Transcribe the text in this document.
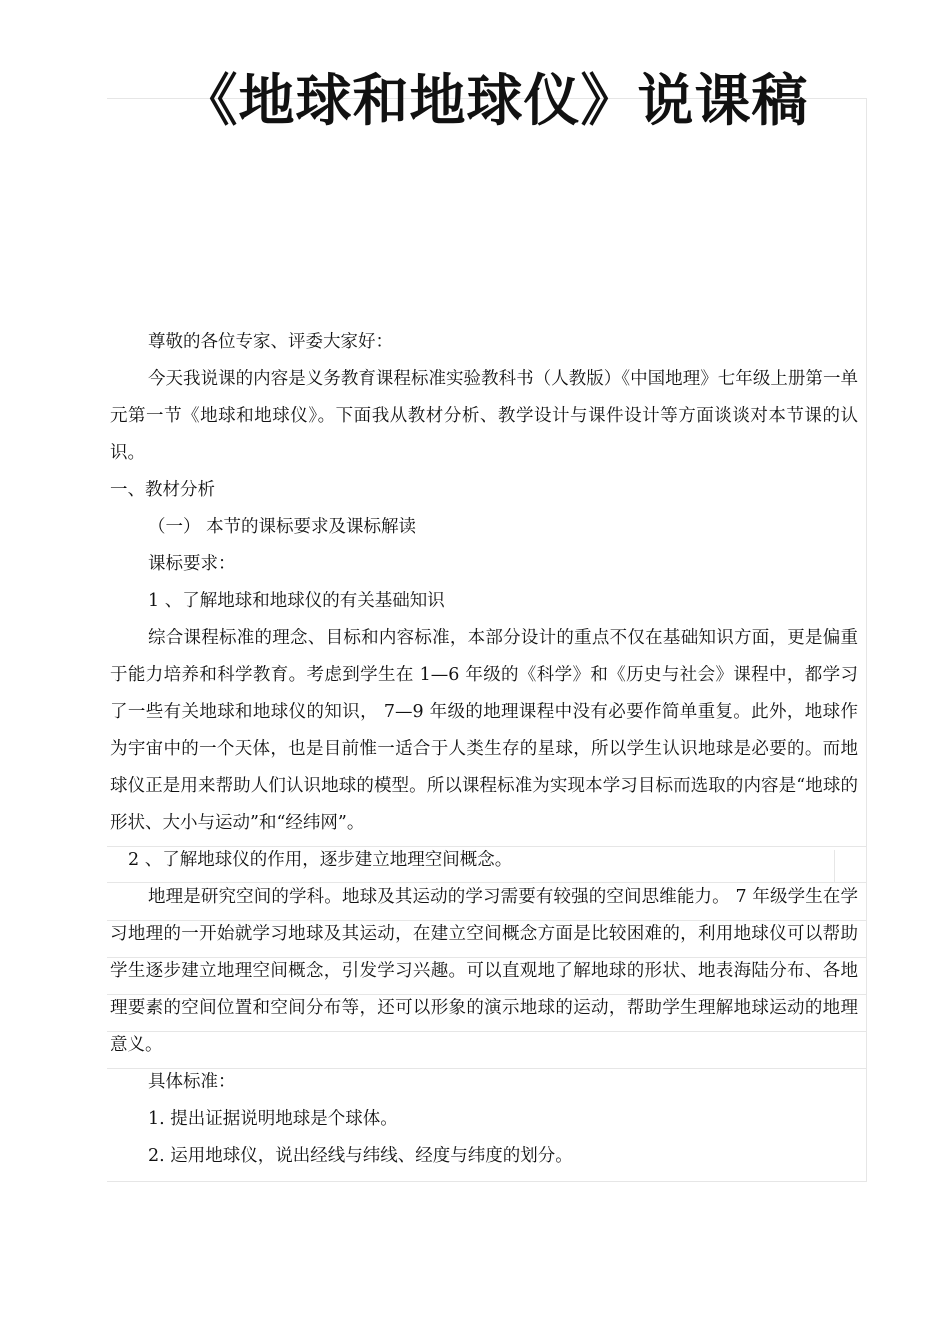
《地球和地球仪》说课稿

尊敬的各位专家、评委大家好：

今天我说课的内容是义务教育课程标准实验教科书（人教版）《中国地理》七年级上册第一单元第一节《地球和地球仪》。下面我从教材分析、教学设计与课件设计等方面谈谈对本节课的认识。

一、教材分析

（一） 本节的课标要求及课标解读

课标要求：

1 、了解地球和地球仪的有关基础知识

综合课程标准的理念、目标和内容标准，本部分设计的重点不仅在基础知识方面，更是偏重于能力培养和科学教育。考虑到学生在 1—6 年级的《科学》和《历史与社会》课程中，都学习了一些有关地球和地球仪的知识， 7—9 年级的地理课程中没有必要作简单重复。此外，地球作为宇宙中的一个天体，也是目前惟一适合于人类生存的星球，所以学生认识地球是必要的。而地球仪正是用来帮助人们认识地球的模型。所以课程标准为实现本学习目标而选取的内容是“地球的形状、大小与运动”和“经纬网”。

2 、了解地球仪的作用，逐步建立地理空间概念。

地理是研究空间的学科。地球及其运动的学习需要有较强的空间思维能力。 7 年级学生在学习地理的一开始就学习地球及其运动，在建立空间概念方面是比较困难的，利用地球仪可以帮助学生逐步建立地理空间概念，引发学习兴趣。可以直观地了解地球的形状、地表海陆分布、各地理要素的空间位置和空间分布等，还可以形象的演示地球的运动，帮助学生理解地球运动的地理意义。

具体标准：

1. 提出证据说明地球是个球体。

2. 运用地球仪，说出经线与纬线、经度与纬度的划分。
